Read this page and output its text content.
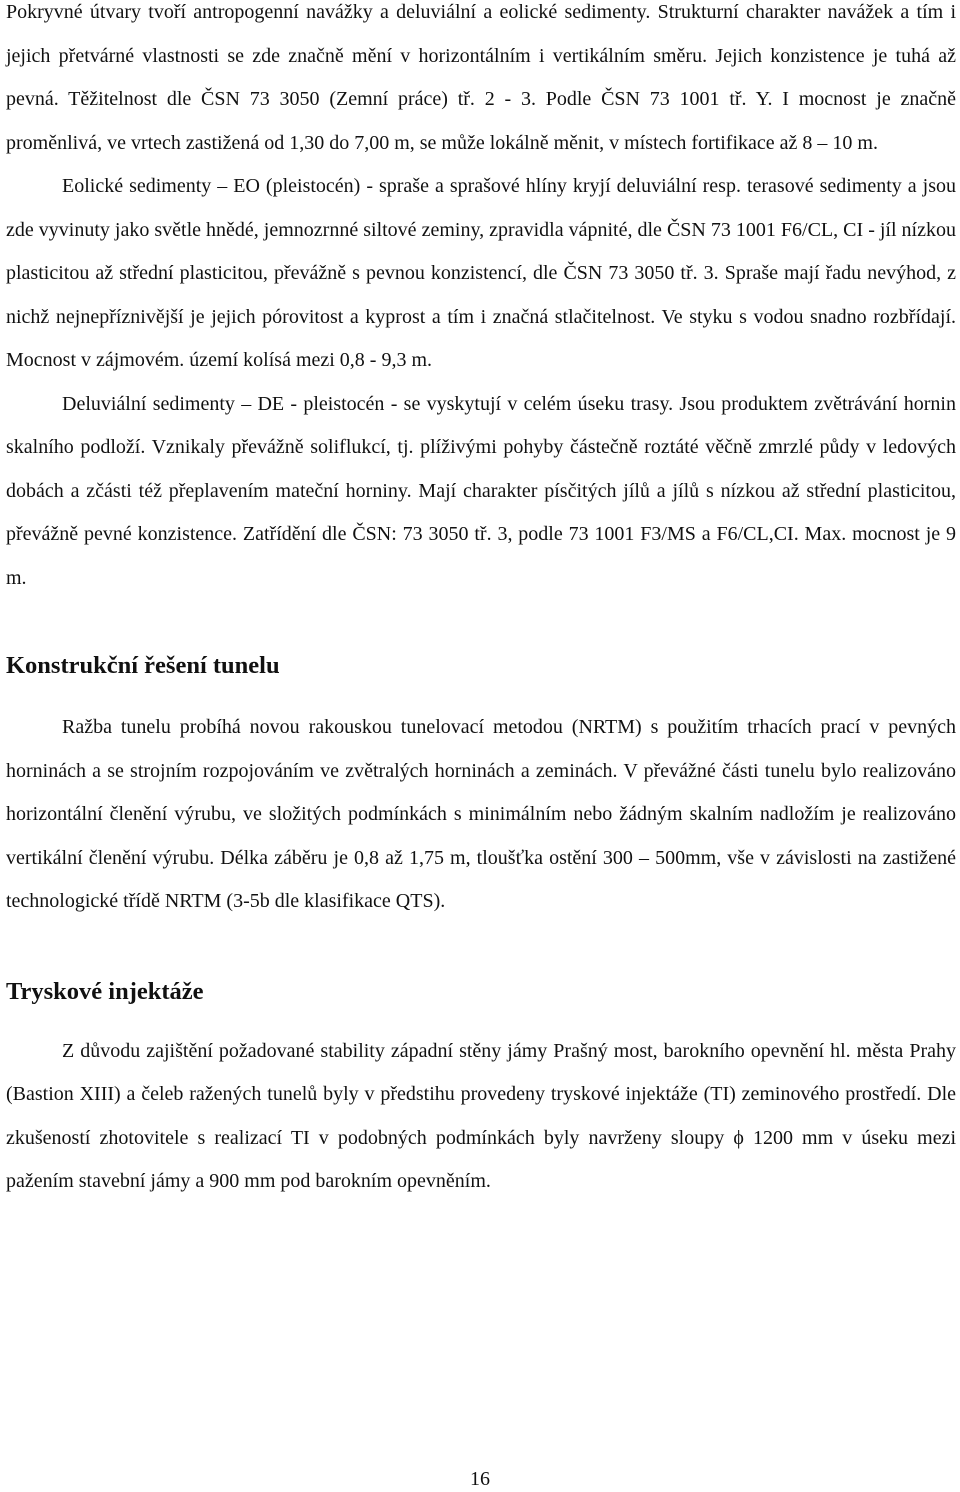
Pokryvné útvary tvoří antropogenní navážky a deluviální a eolické sedimenty. Strukturní charakter navážek a tím i jejich přetvárné vlastnosti se zde značně mění v horizontálním i vertikálním směru. Jejich konzistence je tuhá až pevná. Těžitelnost dle ČSN 73 3050 (Zemní práce) tř. 2 - 3. Podle ČSN 73 1001 tř. Y. I mocnost je značně proměnlivá, ve vrtech zastižená od 1,30 do 7,00 m, se může lokálně měnit, v místech fortifikace až 8 – 10 m.

Eolické sedimenty – EO (pleistocén) - spraše a sprašové hlíny kryjí deluviální resp. terasové sedimenty a jsou zde vyvinuty jako světle hnědé, jemnozrnné siltové zeminy, zpravidla vápnité, dle ČSN 73 1001 F6/CL, CI - jíl nízkou plasticitou až střední plasticitou, převážně s pevnou konzistencí, dle ČSN 73 3050 tř. 3. Spraše mají řadu nevýhod, z nichž nejnepříznivější je jejich pórovitost a kyprost a tím i značná stlačitelnost. Ve styku s vodou snadno rozbřídají. Mocnost v zájmovém. území kolísá mezi 0,8 - 9,3 m.

Deluviální sedimenty – DE - pleistocén - se vyskytují v celém úseku trasy. Jsou produktem zvětrávání hornin skalního podloží. Vznikaly převážně soliflukcí, tj. plíživými pohyby částečně roztáté věčně zmrzlé půdy v ledových dobách a zčásti též přeplavením mateční horniny. Mají charakter písčitých jílů a jílů s nízkou až střední plasticitou, převážně pevné konzistence. Zatřídění dle ČSN: 73 3050 tř. 3, podle 73 1001 F3/MS a F6/CL,CI. Max. mocnost je 9 m.

Konstrukční řešení tunelu

Ražba tunelu probíhá novou rakouskou tunelovací metodou (NRTM) s použitím trhacích prací v pevných horninách a se strojním rozpojováním ve zvětralých horninách a zeminách. V převážné části tunelu bylo realizováno horizontální členění výrubu, ve složitých podmínkách s minimálním nebo žádným skalním nadložím je realizováno vertikální členění výrubu. Délka záběru je 0,8 až 1,75 m, tloušťka ostění 300 – 500mm, vše v závislosti na zastižené technologické třídě NRTM (3-5b dle klasifikace QTS).

Tryskové injektáže

Z důvodu zajištění požadované stability západní stěny jámy Prašný most, barokního opevnění hl. města Prahy (Bastion XIII) a čeleb ražených tunelů byly v předstihu provedeny tryskové injektáže (TI) zeminového prostředí. Dle zkušeností zhotovitele s realizací TI v podobných podmínkách byly navrženy sloupy ϕ 1200 mm v úseku mezi pažením stavební jámy a 900 mm pod barokním opevněním.

16
